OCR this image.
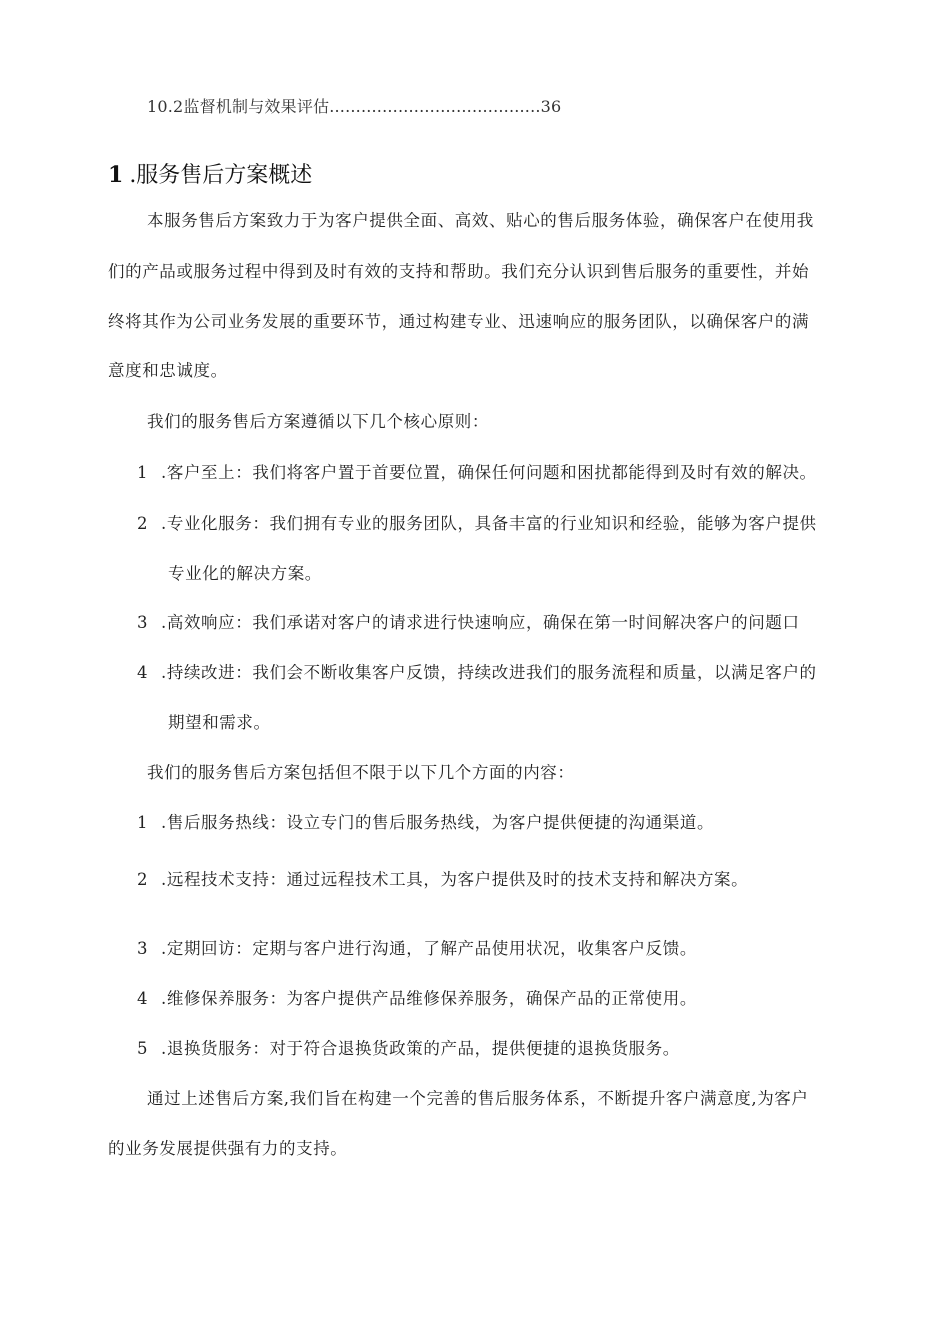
10.2监督机制与效果评估........................................36
1 .服务售后方案概述
本服务售后方案致力于为客户提供全面、高效、贴心的售后服务体验，确保客户在使用我
们的产品或服务过程中得到及时有效的支持和帮助。我们充分认识到售后服务的重要性，并始
终将其作为公司业务发展的重要环节，通过构建专业、迅速响应的服务团队，以确保客户的满
意度和忠诚度。
我们的服务售后方案遵循以下几个核心原则：
1 .客户至上：我们将客户置于首要位置，确保任何问题和困扰都能得到及时有效的解决。
2 .专业化服务：我们拥有专业的服务团队，具备丰富的行业知识和经验，能够为客户提供
专业化的解决方案。
3 .高效响应：我们承诺对客户的请求进行快速响应，确保在第一时间解决客户的问题口
4 .持续改进：我们会不断收集客户反馈，持续改进我们的服务流程和质量，以满足客户的
期望和需求。
我们的服务售后方案包括但不限于以下几个方面的内容：
1 .售后服务热线：设立专门的售后服务热线，为客户提供便捷的沟通渠道。
2 .远程技术支持：通过远程技术工具，为客户提供及时的技术支持和解决方案。
3 .定期回访：定期与客户进行沟通，了解产品使用状况，收集客户反馈。
4 .维修保养服务：为客户提供产品维修保养服务，确保产品的正常使用。
5 .退换货服务：对于符合退换货政策的产品，提供便捷的退换货服务。
通过上述售后方案,我们旨在构建一个完善的售后服务体系，不断提升客户满意度,为客户
的业务发展提供强有力的支持。
